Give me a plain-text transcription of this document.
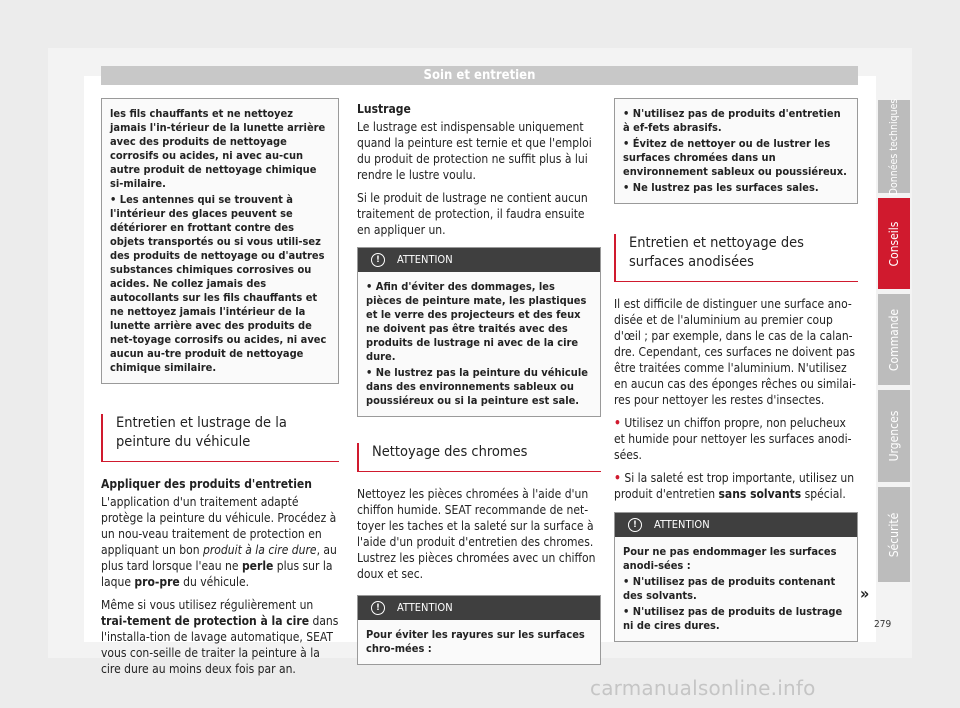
Soin et entretien
les fils chauffants et ne nettoyez jamais l'in-térieur de la lunette arrière avec des produits de nettoyage corrosifs ou acides, ni avec au-cun autre produit de nettoyage chimique si-milaire.
• Les antennes qui se trouvent à l'intérieur des glaces peuvent se détériorer en frottant contre des objets transportés ou si vous utili-sez des produits de nettoyage ou d'autres substances chimiques corrosives ou acides. Ne collez jamais des autocollants sur les fils chauffants et ne nettoyez jamais l'intérieur de la lunette arrière avec des produits de net-toyage corrosifs ou acides, ni avec aucun au-tre produit de nettoyage chimique similaire.
Entretien et lustrage de la peinture du véhicule
Appliquer des produits d'entretien

L'application d'un traitement adapté protège la peinture du véhicule. Procédez à un nou-veau traitement de protection en appliquant un bon produit à la cire dure, au plus tard lorsque l'eau ne perle plus sur la laque pro-pre du véhicule.

Même si vous utilisez régulièrement un trai-tement de protection à la cire dans l'installa-tion de lavage automatique, SEAT vous con-seille de traiter la peinture à la cire dure au moins deux fois par an.

Lustrage

Le lustrage est indispensable uniquement quand la peinture est ternie et que l'emploi du produit de protection ne suffit plus à lui rendre le lustre voulu.

Si le produit de lustrage ne contient aucun traitement de protection, il faudra ensuite en appliquer un.

!	ATTENTION
• Afin d'éviter des dommages, les pièces de peinture mate, les plastiques et le verre des projecteurs et des feux ne doivent pas être traités avec des produits de lustrage ni avec de la cire dure.
• Ne lustrez pas la peinture du véhicule dans des environnements sableux ou poussiéreux ou si la peinture est sale.
Nettoyage des chromes

Nettoyez les pièces chromées à l'aide d'un chiffon humide. SEAT recommande de net-toyer les taches et la saleté sur la surface à l'aide d'un produit d'entretien des chromes. Lustrez les pièces chromées avec un chiffon doux et sec.

!	ATTENTION
Pour éviter les rayures sur les surfaces chro-mées :
• N'utilisez pas de produits d'entretien à ef-fets abrasifs.
• Évitez de nettoyer ou de lustrer les surfaces chromées dans un environnement sableux ou poussiéreux.
• Ne lustrez pas les surfaces sales.
Entretien et nettoyage des surfaces anodisées

Il est difficile de distinguer une surface ano-disée et de l'aluminium au premier coup d'œil ; par exemple, dans le cas de la calan-dre. Cependant, ces surfaces ne doivent pas être traitées comme l'aluminium. N'utilisez en aucun cas des éponges rêches ou similai-res pour nettoyer les restes d'insectes.

• Utilisez un chiffon propre, non pelucheux et humide pour nettoyer les surfaces anodi-sées.

• Si la saleté est trop importante, utilisez un produit d'entretien sans solvants spécial.

!	ATTENTION
Pour ne pas endommager les surfaces anodi-sées :
• N'utilisez pas de produits contenant des solvants.
• N'utilisez pas de produits de lustrage ni de cires dures.
»
Données techniques
Conseils
Commande
Urgences
Sécurité
279
carmanualsonline.info
